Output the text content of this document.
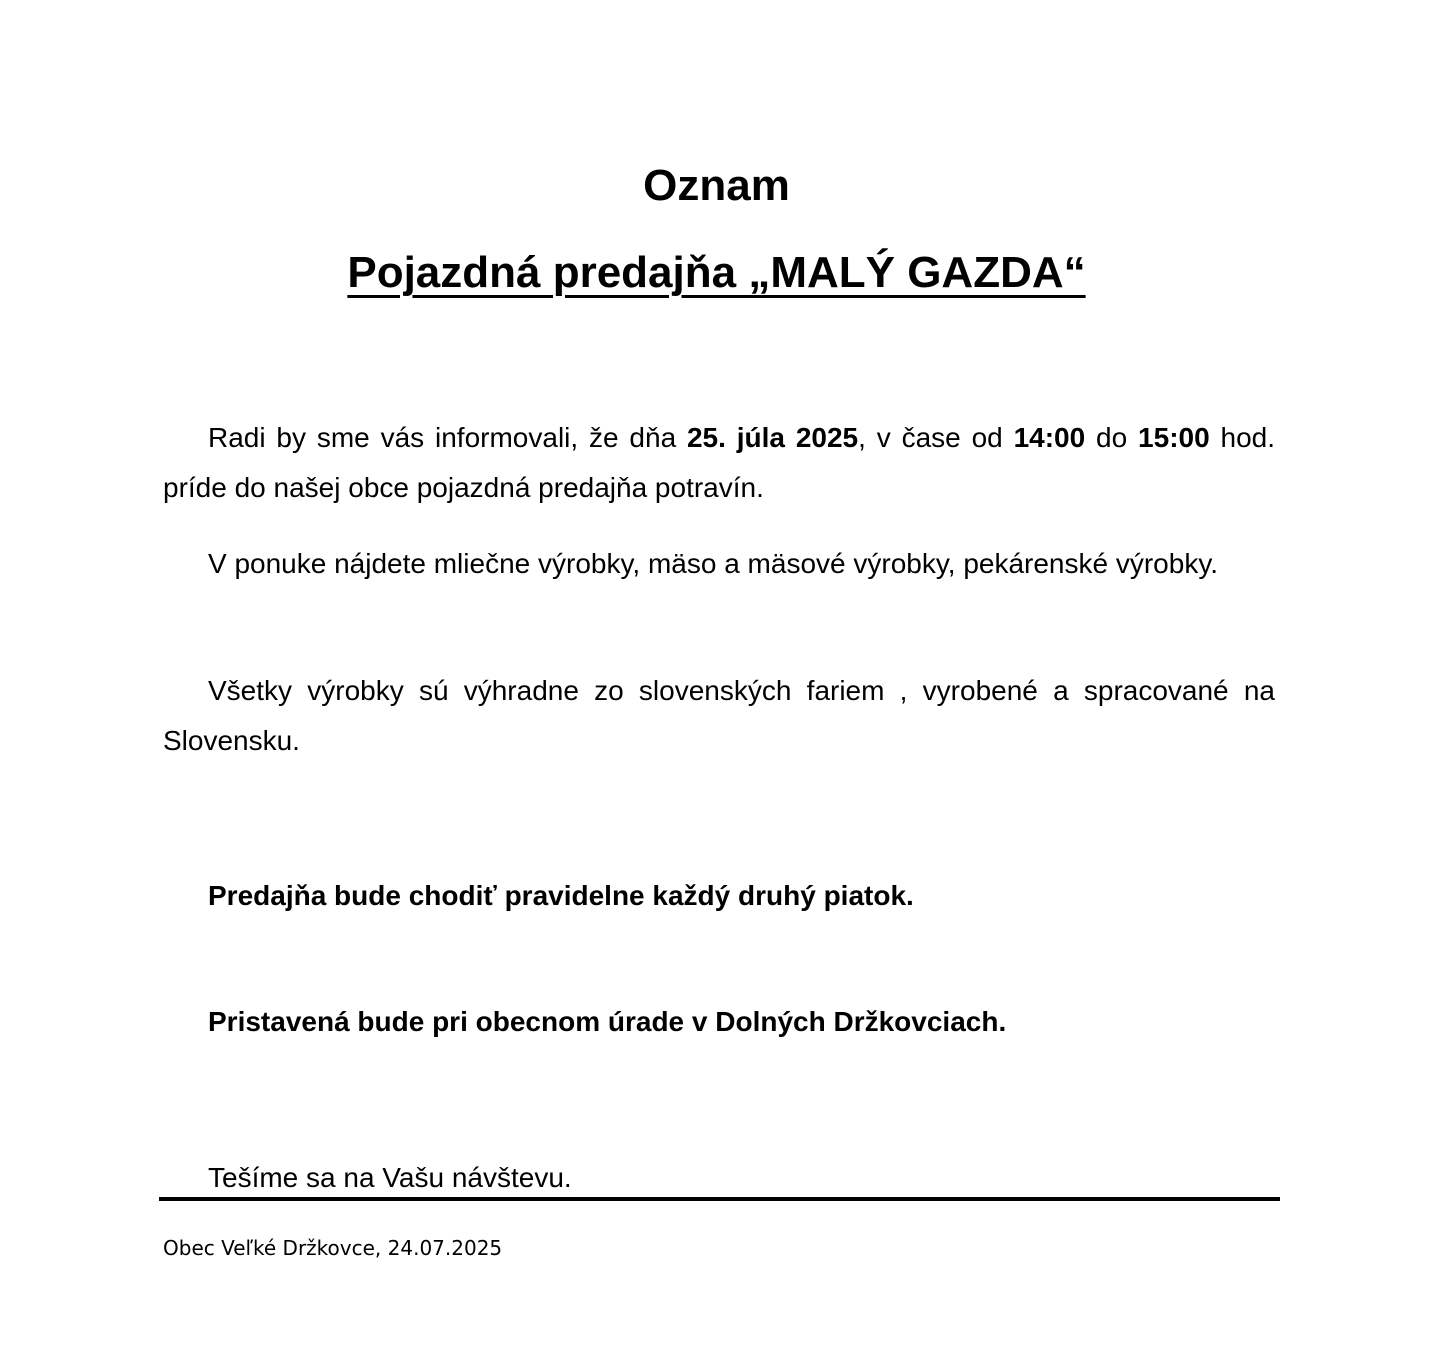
Oznam
Pojazdná predajňa „MALÝ GAZDA“

Radi by sme vás informovali, že dňa 25. júla 2025, v čase od 14:00 do 15:00 hod. príde do našej obce pojazdná predajňa potravín.

V ponuke nájdete mliečne výrobky, mäso a mäsové výrobky, pekárenské výrobky.

Všetky výrobky sú výhradne zo slovenských fariem , vyrobené a spracované na Slovensku.

Predajňa bude chodiť pravidelne každý druhý piatok.
Pristavená bude pri obecnom úrade v Dolných Držkovciach.
Tešíme sa na Vašu návštevu.
Obec Veľké Držkovce, 24.07.2025
